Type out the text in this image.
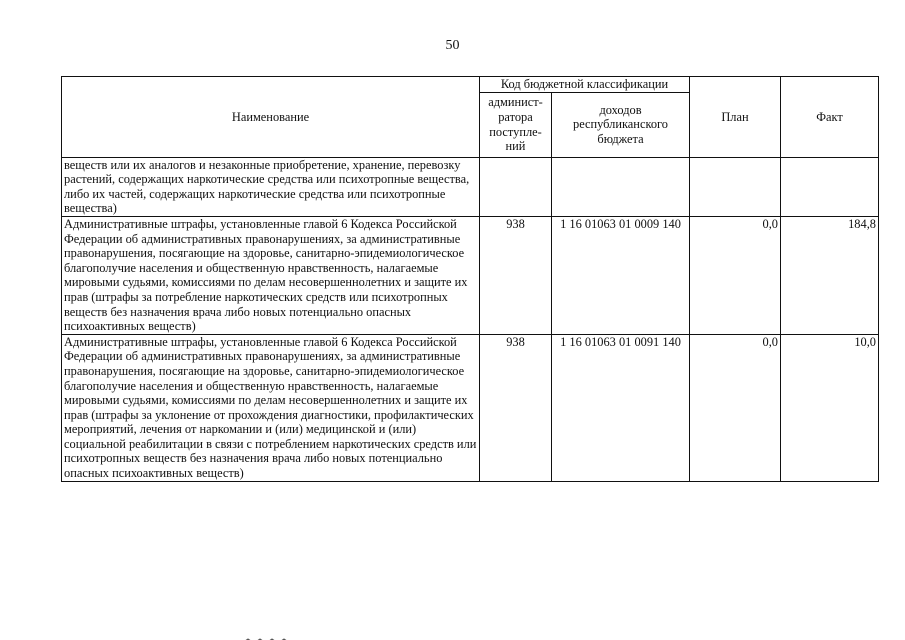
50
Наименование	Код бюджетной классификации		План	Факт
	админист-ратора поступле-ний	доходов республиканского бюджета		
веществ или их аналогов и незаконные приобретение, хранение, перевозку растений, содержащих наркотические средства или психотропные вещества, либо их частей, содержащих наркотические средства или психотропные вещества)				
Административные штрафы, установленные главой 6 Кодекса Российской Федерации об административных правонарушениях, за административные правонарушения, посягающие на здоровье, санитарно-эпидемиологическое благополучие населения и общественную нравственность, налагаемые мировыми судьями, комиссиями по делам несовершеннолетних и защите их прав (штрафы за потребление наркотических средств или психотропных веществ без назначения врача либо новых потенциально опасных психоактивных веществ)	938	1 16 01063 01 0009 140	0,0	184,8
Административные штрафы, установленные главой 6 Кодекса Российской Федерации об административных правонарушениях, за административные правонарушения, посягающие на здоровье, санитарно-эпидемиологическое благополучие населения и общественную нравственность, налагаемые мировыми судьями, комиссиями по делам несовершеннолетних и защите их прав (штрафы за уклонение от прохождения диагностики, профилактических мероприятий, лечения от наркомании и (или) медицинской и (или) социальной реабилитации в связи с потреблением наркотических средств или психотропных веществ без назначения врача либо новых потенциально опасных психоактивных веществ)	938	1 16 01063 01 0091 140	0,0	10,0
